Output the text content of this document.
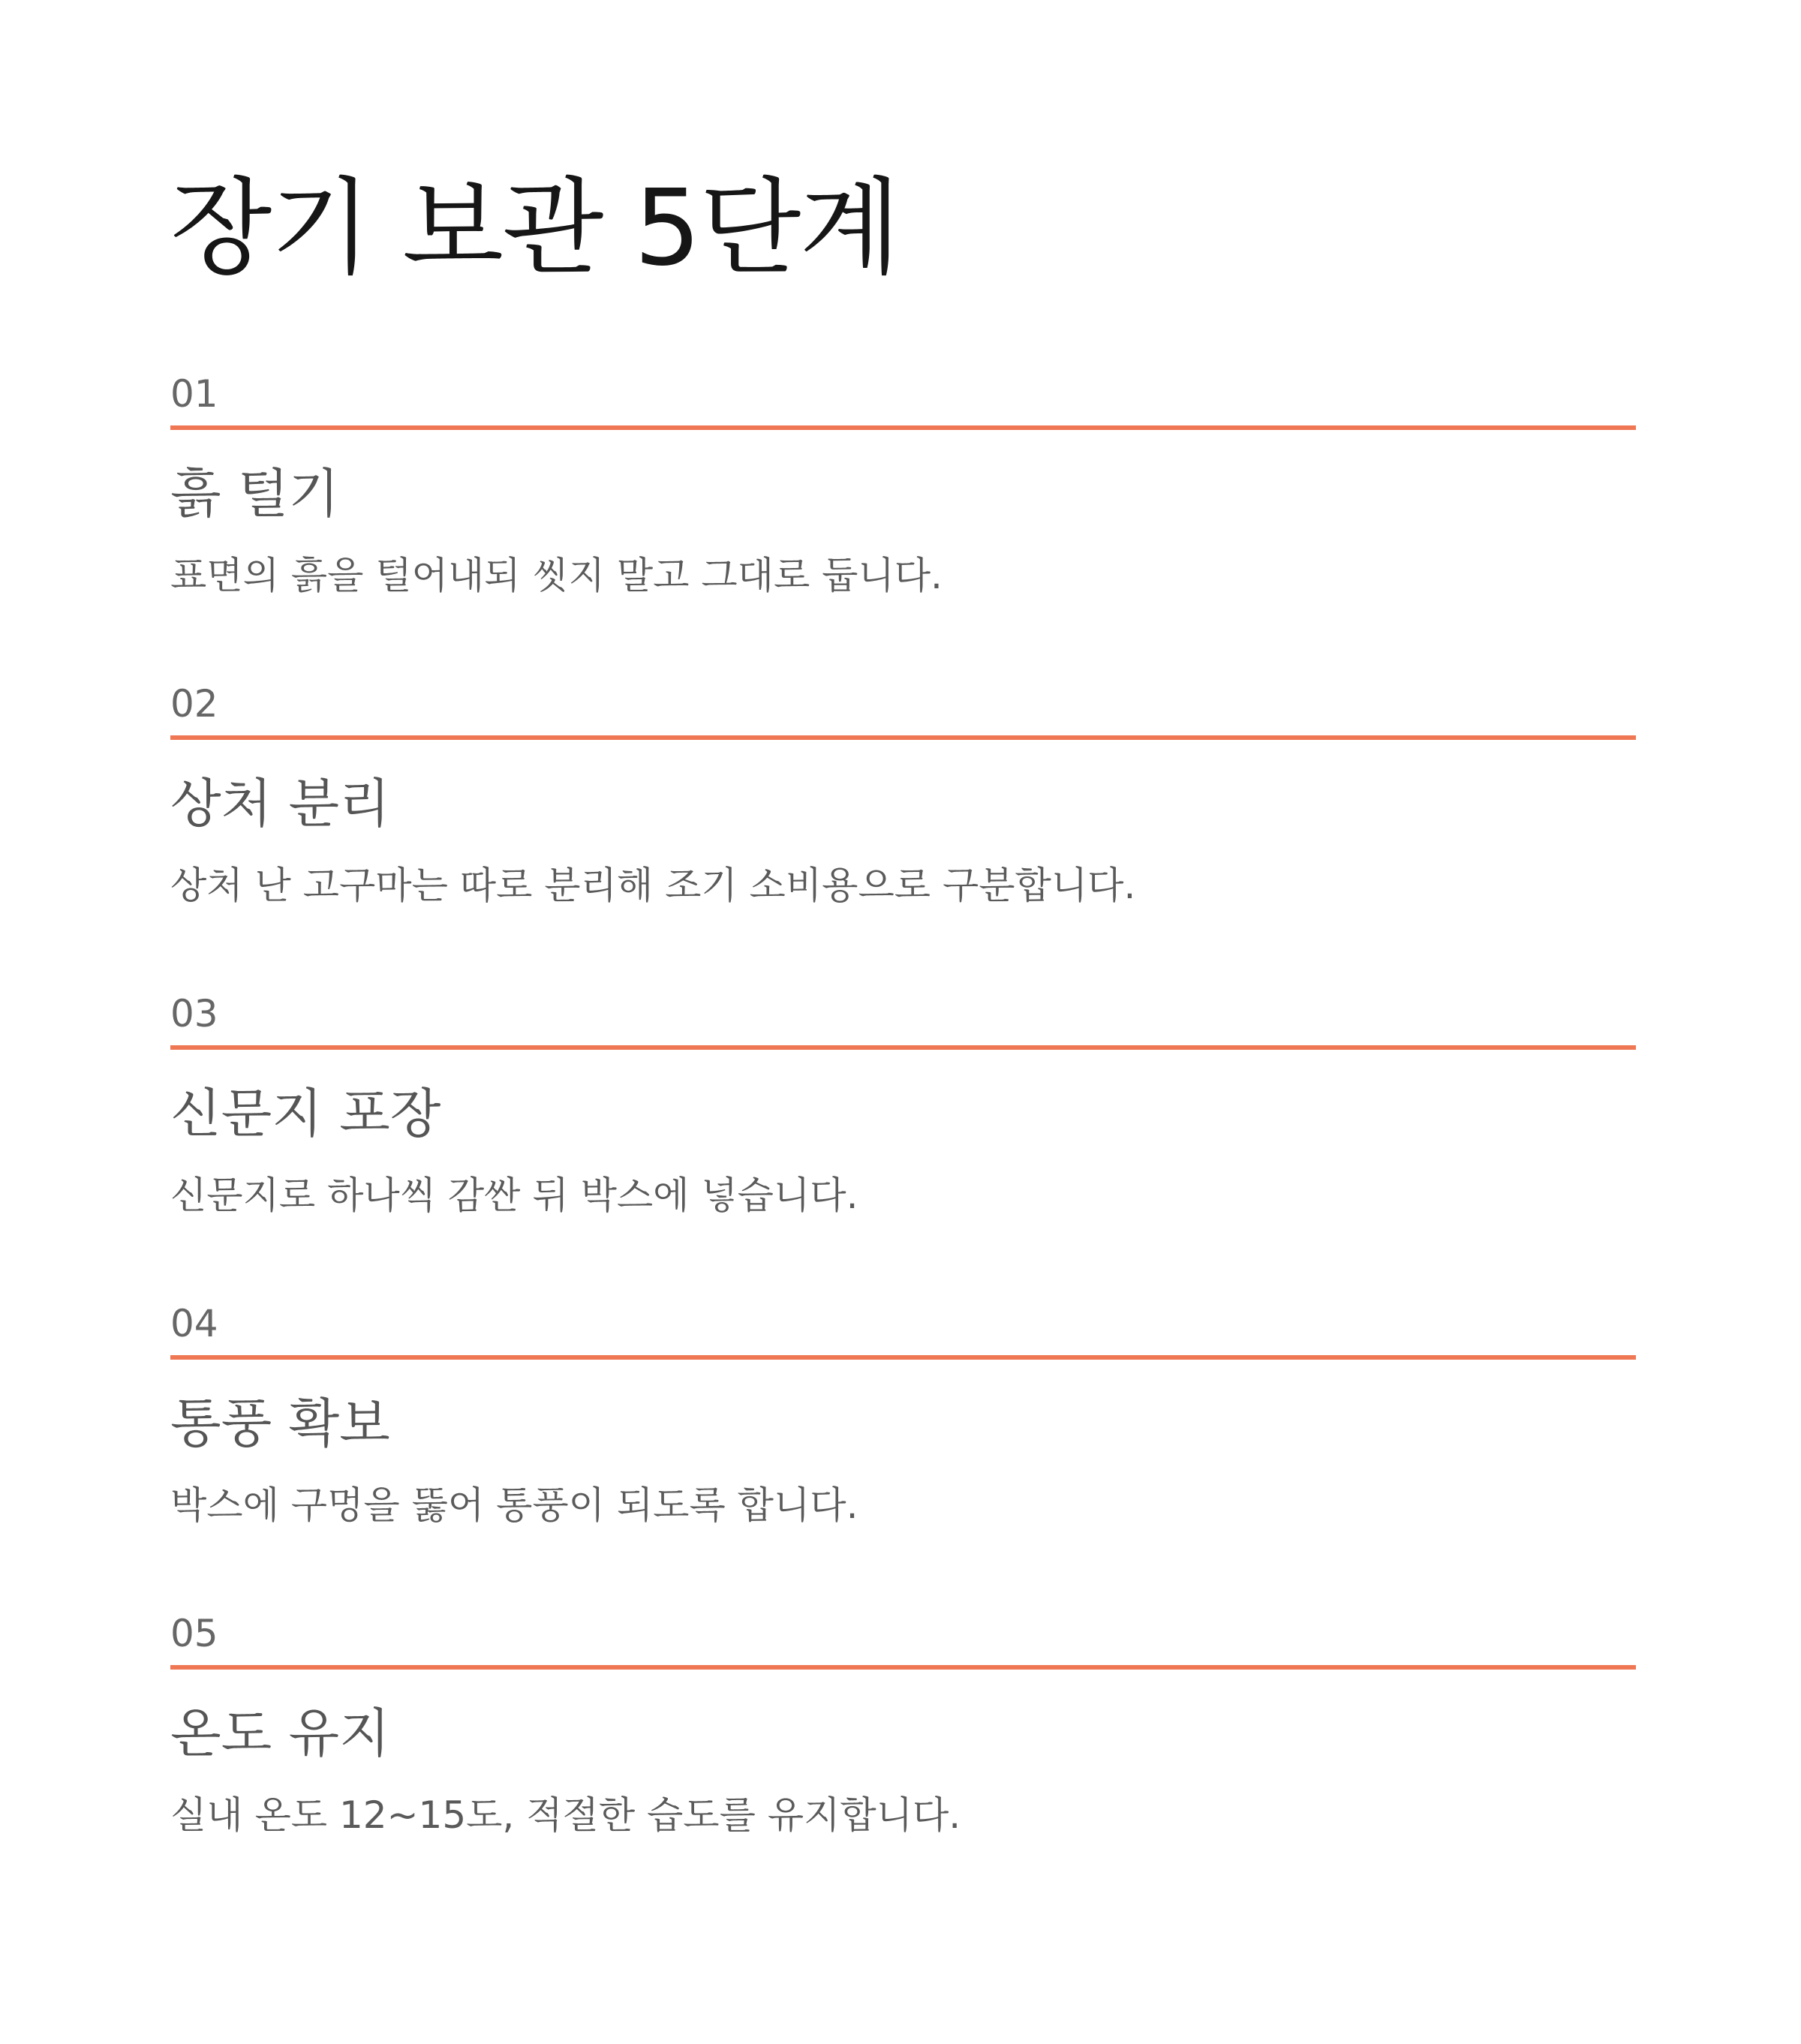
장기 보관 5단계
01
흙 털기

표면의 흙을 털어내되 씻지 말고 그대로 둡니다.

02
상처 분리

상처 난 고구마는 따로 분리해 조기 소비용으로 구분합니다.

03
신문지 포장

신문지로 하나씩 감싼 뒤 박스에 넣습니다.

04
통풍 확보

박스에 구멍을 뚫어 통풍이 되도록 합니다.

05
온도 유지

실내 온도 12~15도, 적절한 습도를 유지합니다.
